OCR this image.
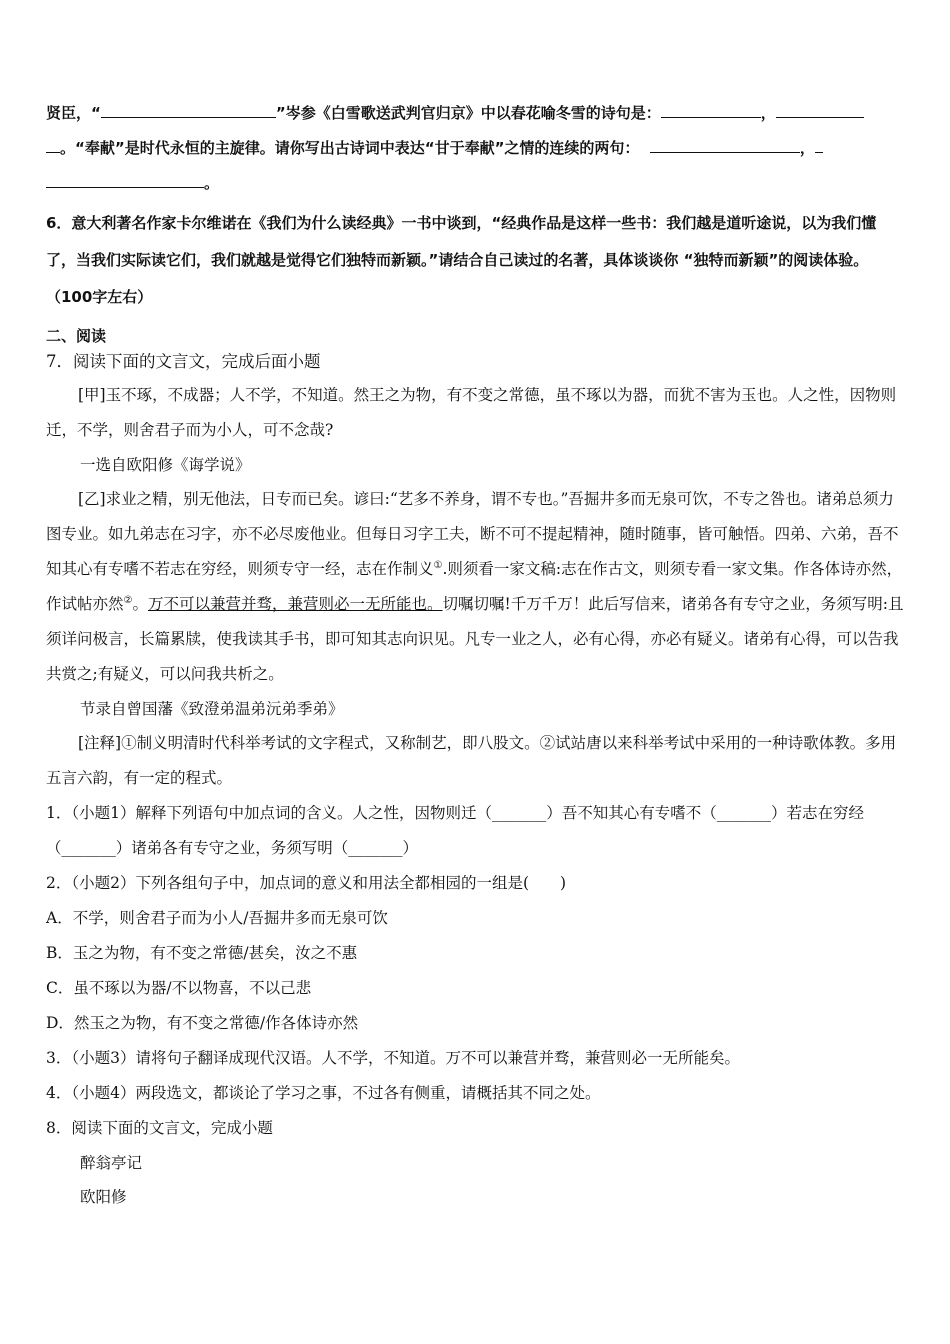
贤臣，“	”岑参《白雪歌送武判官归京》中以春花喻冬雪的诗句是：	，

。“奉献”是时代永恒的主旋律。请你写出古诗词中表达“甘于奉献”之情的连续的两句：	，

。

6．意大利著名作家卡尔维诺在《我们为什么读经典》一书中谈到，“经典作品是这样一些书：我们越是道听途说，以为我们懂了，当我们实际读它们，我们就越是觉得它们独特而新颖。”请结合自己读过的名著，具体谈谈你 “独特而新颖”的阅读体验。（100字左右）

二、阅读

7．阅读下面的文言文，完成后面小题

[甲]玉不琢，不成器；人不学，不知道。然王之为物，有不变之常德，虽不琢以为器，而犹不害为玉也。人之性，因物则迁，不学，则舍君子而为小人，可不念哉?

一选自欧阳修《诲学说》

[乙]求业之精，别无他法，日专而已矣。谚曰:“艺多不养身，谓不专也。”吾掘井多而无泉可饮，不专之咎也。诸弟总须力图专业。如九弟志在习字，亦不必尽废他业。但每日习字工夫，断不可不提起精神，随时随事，皆可触悟。四弟、六弟，吾不知其心有专嗜不若志在穷经，则须专守一经，志在作制义①.则须看一家文稿:志在作古文，则须专看一家文集。作各体诗亦然，作试帖亦然②。万不可以兼营并骛，兼营则必一无所能也。切嘱切嘱!千万千万！此后写信来，诸弟各有专守之业，务须写明:且须详问极言，长篇累牍，使我读其手书，即可知其志向识见。凡专一业之人，必有心得，亦必有疑义。诸弟有心得，可以告我共赏之;有疑义，可以问我共析之。

节录自曾国藩《致澄弟温弟沅弟季弟》

[注释]①制义明清时代科举考试的文字程式，又称制艺，即八股文。②试站唐以来科举考试中采用的一种诗歌体教。多用五言六韵，有一定的程式。

1．（小题1）解释下列语句中加点词的含义。人之性，因物则迁（_______）吾不知其心有专嗜不（_______）若志在穷经（_______）诸弟各有专守之业，务须写明（_______）

2．（小题2）下列各组句子中，加点词的意义和用法全都相园的一组是(　　)

A．不学，则舍君子而为小人/吾掘井多而无泉可饮

B．玉之为物，有不变之常德/甚矣，汝之不惠

C．虽不琢以为器/不以物喜，不以己悲

D．然玉之为物，有不变之常德/作各体诗亦然

3．（小题3）请将句子翻译成现代汉语。人不学，不知道。万不可以兼营并骛，兼营则必一无所能矣。

4．（小题4）两段选文，都谈论了学习之事，不过各有侧重，请概括其不同之处。

8．阅读下面的文言文，完成小题

醉翁亭记

欧阳修
